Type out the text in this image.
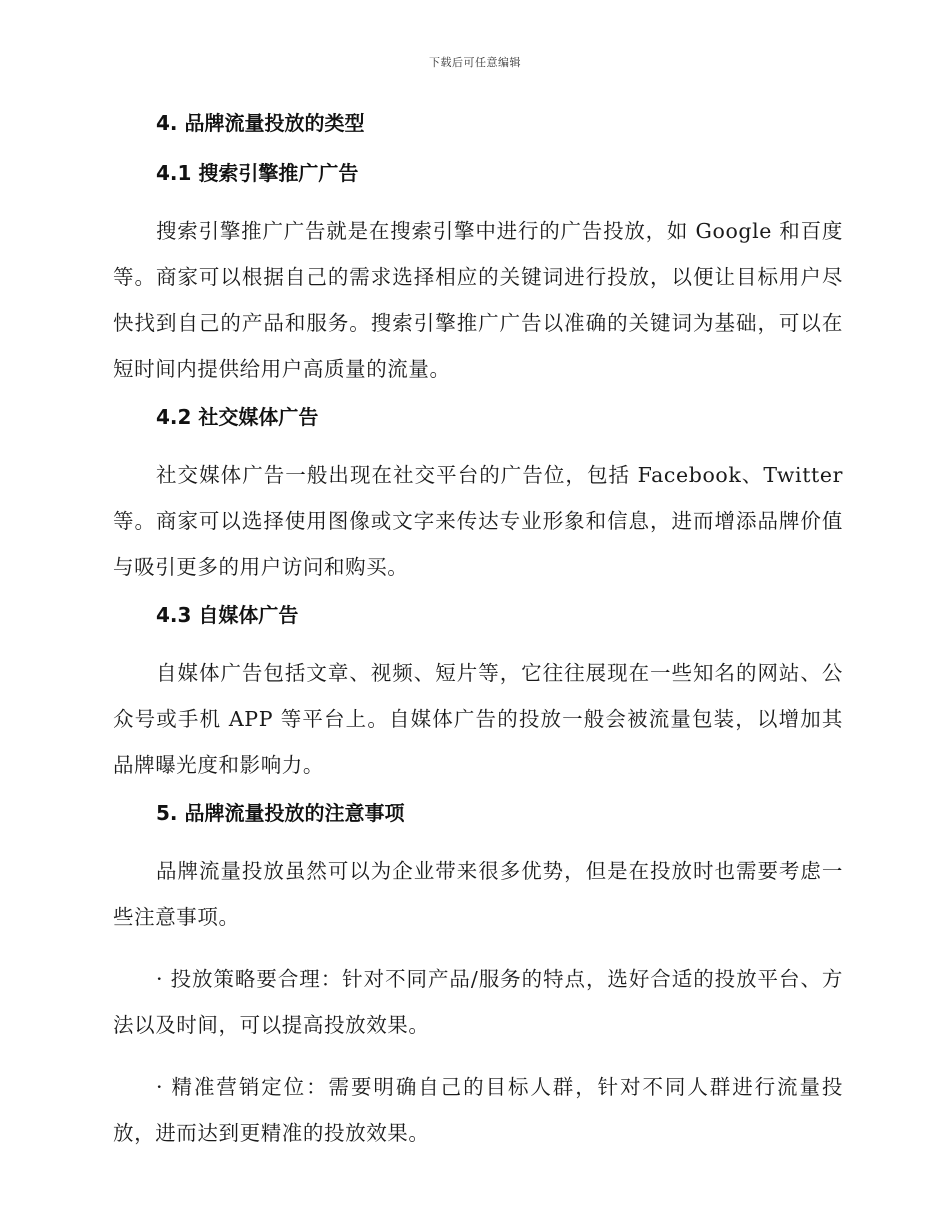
下载后可任意编辑
4. 品牌流量投放的类型
4.1 搜索引擎推广广告
搜索引擎推广广告就是在搜索引擎中进行的广告投放，如 Google 和百度等。商家可以根据自己的需求选择相应的关键词进行投放，以便让目标用户尽快找到自己的产品和服务。搜索引擎推广广告以准确的关键词为基础，可以在短时间内提供给用户高质量的流量。
4.2 社交媒体广告
社交媒体广告一般出现在社交平台的广告位，包括 Facebook、Twitter 等。商家可以选择使用图像或文字来传达专业形象和信息，进而增添品牌价值与吸引更多的用户访问和购买。
4.3 自媒体广告
自媒体广告包括文章、视频、短片等，它往往展现在一些知名的网站、公众号或手机 APP 等平台上。自媒体广告的投放一般会被流量包装，以增加其品牌曝光度和影响力。
5. 品牌流量投放的注意事项
品牌流量投放虽然可以为企业带来很多优势，但是在投放时也需要考虑一些注意事项。
· 投放策略要合理：针对不同产品/服务的特点，选好合适的投放平台、方法以及时间，可以提高投放效果。
· 精准营销定位：需要明确自己的目标人群，针对不同人群进行流量投放，进而达到更精准的投放效果。
